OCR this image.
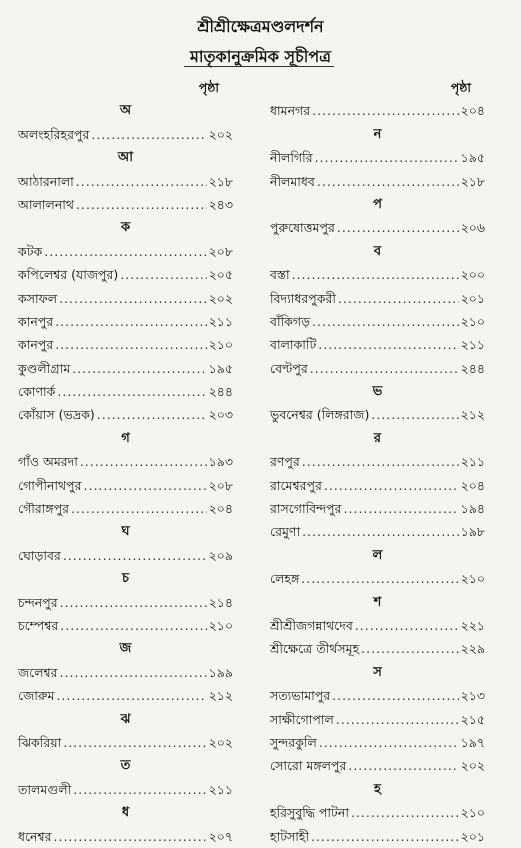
শ্রীশ্রীক্ষেত্রমণ্ডলদর্শন
মাতৃকানুক্রমিক সূচীপত্র
পৃষ্ঠা
অ
অলংহরিহরপুর .....	২০২
আ
আঠারনালা .....	২১৮
আলালনাথ .....	২৪৩
ক
কটক .....	২০৮
কপিলেশ্বর (যাজপুর) .....	২০৫
কসাফল .....	২০২
কানপুর .....	২১১
কানপুর .....	২১০
কুণ্ডলীগ্রাম .....	১৯৫
কোণার্ক .....	২৪৪
কোঁয়াস (ভদ্রক) .....	২০৩
গ
গাঁও অমরদা .....	১৯৩
গোপীনাথপুর .....	২০৮
গৌরাঙ্গপুর .....	২০৪
ঘ
ঘোড়াবর .....	২০৯
চ
চন্দনপুর .....	২১৪
চম্পেশ্বর .....	২১০
জ
জলেশ্বর .....	১৯৯
জোরুম .....	২১২
ঝ
ঝিকরিয়া .....	২০২
ত
তালমগুলী .....	২১১
ধ
ধনেশ্বর .....	২০৭
পৃষ্ঠা
ধামনগর .....	২০৪
ন
নীলগিরি .....	১৯৫
নীলমাধব .....	২১৮
প
পুরুষোত্তমপুর .....	২০৬
ব
বস্তা .....	২০০
বিদ্যাধরপুকরী .....	২০১
বাঁকিগড় .....	২১০
বালাকাটি .....	২১১
বেণ্টপুর .....	২৪৪
ভ
ভুবনেশ্বর (লিঙ্গরাজ) .....	২১২
র
রণপুর .....	২১১
রামেশ্বরপুর .....	২০৪
রাসগোবিন্দপুর .....	১৯৪
রেমুণা .....	১৯৮
ল
লেহঙ্গ .....	২১০
শ
শ্রীশ্রীজগন্নাথদেব .....	২২১
শ্রীক্ষেত্রে তীর্থসমূহ .....	২২৯
স
সত্যভামাপুর .....	২১৩
সাক্ষীগোপাল .....	২১৫
সুন্দরকুলি .....	১৯৭
সোরো মঙ্গলপুর .....	২০২
হ
হরিসুবুদ্ধি পাটনা .....	২১০
হাটসাহী .....	২০১
